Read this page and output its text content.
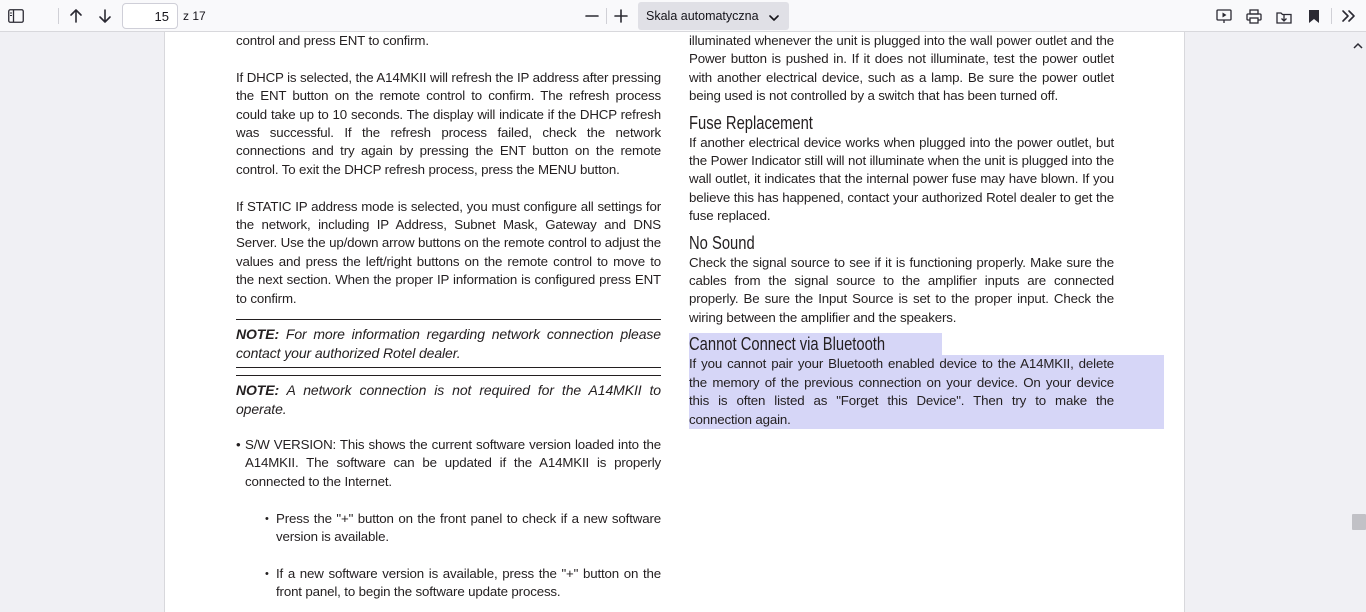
15
z 17	Skala automatyczna

control and press ENT to confirm.

If DHCP is selected, the A14MKII will refresh the IP address after pressing the ENT button on the remote control to confirm. The refresh process could take up to 10 seconds. The display will indicate if the DHCP refresh was successful. If the refresh process failed, check the network connections and try again by pressing the ENT button on the remote control. To exit the DHCP refresh process, press the MENU button.

If STATIC IP address mode is selected, you must configure all settings for the network, including IP Address, Subnet Mask, Gateway and DNS Server. Use the up/down arrow buttons on the remote control to adjust the values and press the left/right buttons on the remote control to move to the next section. When the proper IP information is configured press ENT to confirm.

NOTE: For more information regarding network connection please contact your authorized Rotel dealer.

NOTE: A network connection is not required for the A14MKII to operate.

• S/W VERSION: This shows the current software version loaded into the A14MKII. The software can be updated if the A14MKII is properly connected to the Internet.
• Press the "+" button on the front panel to check if a new software version is available.
• If a new software version is available, press the "+" button on the front panel, to begin the software update process.

illuminated whenever the unit is plugged into the wall power outlet and the Power button is pushed in. If it does not illuminate, test the power outlet with another electrical device, such as a lamp. Be sure the power outlet being used is not controlled by a switch that has been turned off.

Fuse Replacement

If another electrical device works when plugged into the power outlet, but the Power Indicator still will not illuminate when the unit is plugged into the wall outlet, it indicates that the internal power fuse may have blown. If you believe this has happened, contact your authorized Rotel dealer to get the fuse replaced.

No Sound

Check the signal source to see if it is functioning properly. Make sure the cables from the signal source to the amplifier inputs are connected properly. Be sure the Input Source is set to the proper input. Check the wiring between the amplifier and the speakers.

Cannot Connect via Bluetooth

If you cannot pair your Bluetooth enabled device to the A14MKII, delete the memory of the previous connection on your device. On your device this is often listed as "Forget this Device". Then try to make the connection again.
